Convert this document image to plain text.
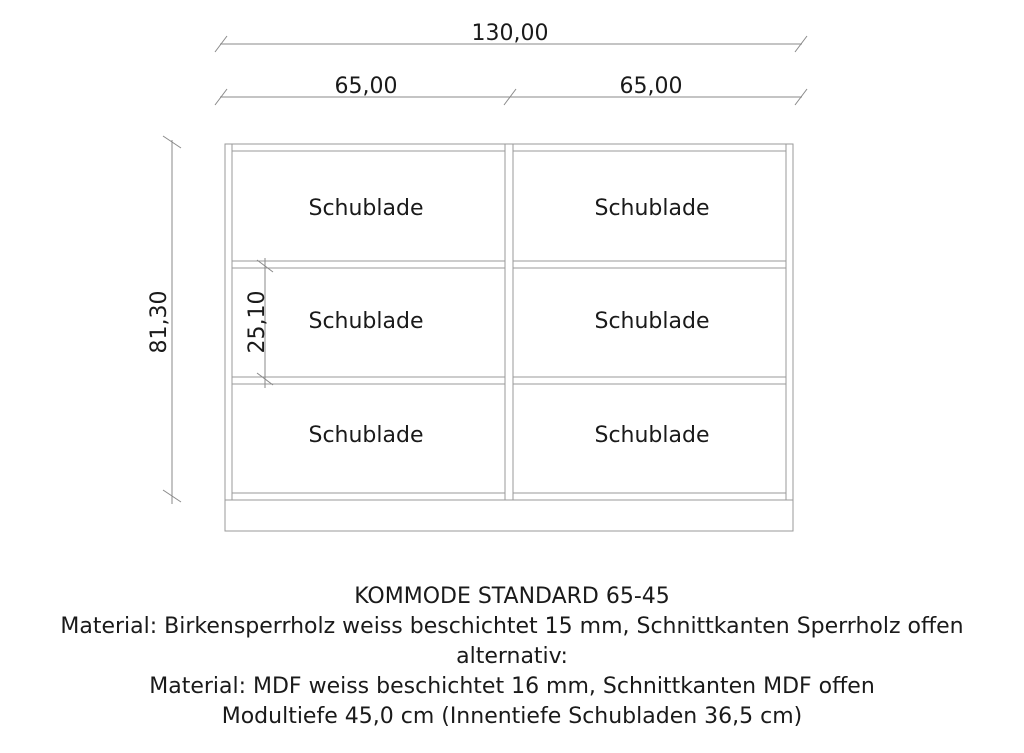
130,00
65,00	65,00
81,30
Schublade	Schublade
Schublade	Schublade
Schublade	Schublade
25,10
KOMMODE STANDARD 65-45
Material: Birkensperrholz weiss beschichtet 15 mm, Schnittkanten Sperrholz offen
alternativ:
Material: MDF weiss beschichtet 16 mm, Schnittkanten MDF offen
Modultiefe 45,0 cm (Innentiefe Schubladen 36,5 cm)
